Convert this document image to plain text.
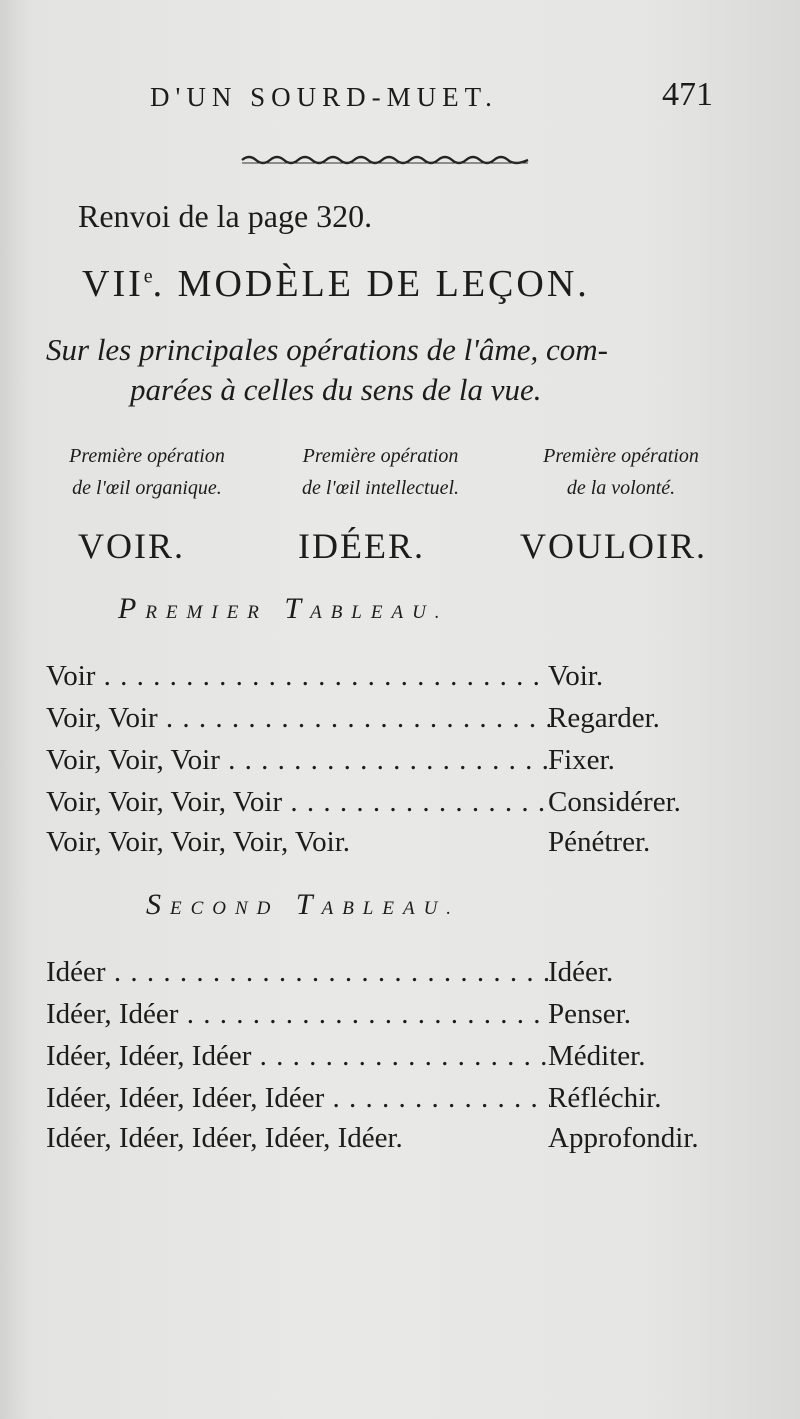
D'UN SOURD-MUET.	471
Renvoi de la page 320.
VIIe. MODÈLE DE LEÇON.
Sur les principales opérations de l'âme, com-
parées à celles du sens de la vue.
Première opération
de l'œil organique.
Première opération
de l'œil intellectuel.
Première opération
de la volonté.
VOIR.	IDÉER.	VOULOIR.
PREMIER TABLEAU.
Voir . . .	Voir.
Voir, Voir . . .	Regarder.
Voir, Voir, Voir . . .	Fixer.
Voir, Voir, Voir, Voir . . .	Considérer.
Voir, Voir, Voir, Voir, Voir.	Pénétrer.
SECOND TABLEAU.
Idéer . . .	Idéer.
Idéer, Idéer . . .	Penser.
Idéer, Idéer, Idéer . . .	Méditer.
Idéer, Idéer, Idéer, Idéer . . .	Réfléchir.
Idéer, Idéer, Idéer, Idéer, Idéer.	Approfondir.
